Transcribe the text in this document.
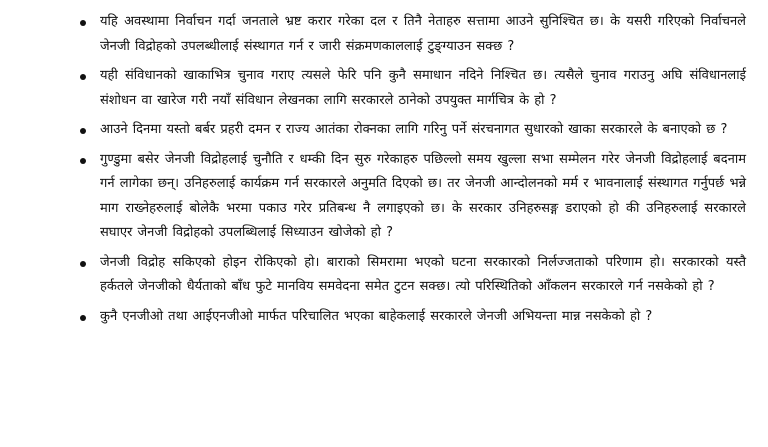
यहि अवस्थामा निर्वाचन गर्दा जनताले भ्रष्ट करार गरेका दल र तिनै नेताहरु सत्तामा आउने सुनिश्चित छ। के यसरी गरिएको निर्वाचनले जेनजी विद्रोहको उपलब्धीलाई संस्थागत गर्न र जारी संक्रमणकाललाई टुङ्ग्याउन सक्छ ?
यही संविधानको खाकाभित्र चुनाव गराए त्यसले फेरि पनि कुनै समाधान नदिने निश्चित छ। त्यसैले चुनाव गराउनु अघि संविधानलाई संशोधन वा खारेज गरी नयाँ संविधान लेखनका लागि सरकारले ठानेको उपयुक्त मार्गचित्र के हो ?
आउने दिनमा यस्तो बर्बर प्रहरी दमन र राज्य आतंका रोक्नका लागि गरिनु पर्ने संरचनागत सुधारको खाका सरकारले के बनाएको छ ?
गुण्डुमा बसेर जेनजी विद्रोहलाई चुनौति र धम्की दिन सुरु गरेकाहरु पछिल्लो समय खुल्ला सभा सम्मेलन गरेर जेनजी विद्रोहलाई बदनाम गर्न लागेका छन्। उनिहरुलाई कार्यक्रम गर्न सरकारले अनुमति दिएको छ। तर जेनजी आन्दोलनको मर्म र भावनालाई संस्थागत गर्नुपर्छ भन्ने माग राख्नेहरुलाई बोलेकै भरमा पकाउ गरेर प्रतिबन्ध नै लगाइएको छ। के सरकार उनिहरुसङ्ग डराएको हो की उनिहरुलाई सरकारले सघाएर जेनजी विद्रोहको उपलब्धिलाई सिध्याउन खोजेको हो ?
जेनजी विद्रोह सकिएको होइन रोकिएको हो। बाराको सिमरामा भएको घटना सरकारको निर्लज्जताको परिणाम हो। सरकारको यस्तै हर्कतले जेनजीको धैर्यताको बाँध फुटे मानविय समवेदना समेत टुटन सक्छ। त्यो परिस्थितिको आँकलन सरकारले गर्न नसकेको हो ?
कुनै एनजीओ तथा आईएनजीओ मार्फत परिचालित भएका बाहेकलाई सरकारले जेनजी अभियन्ता मान्न नसकेको हो ?
